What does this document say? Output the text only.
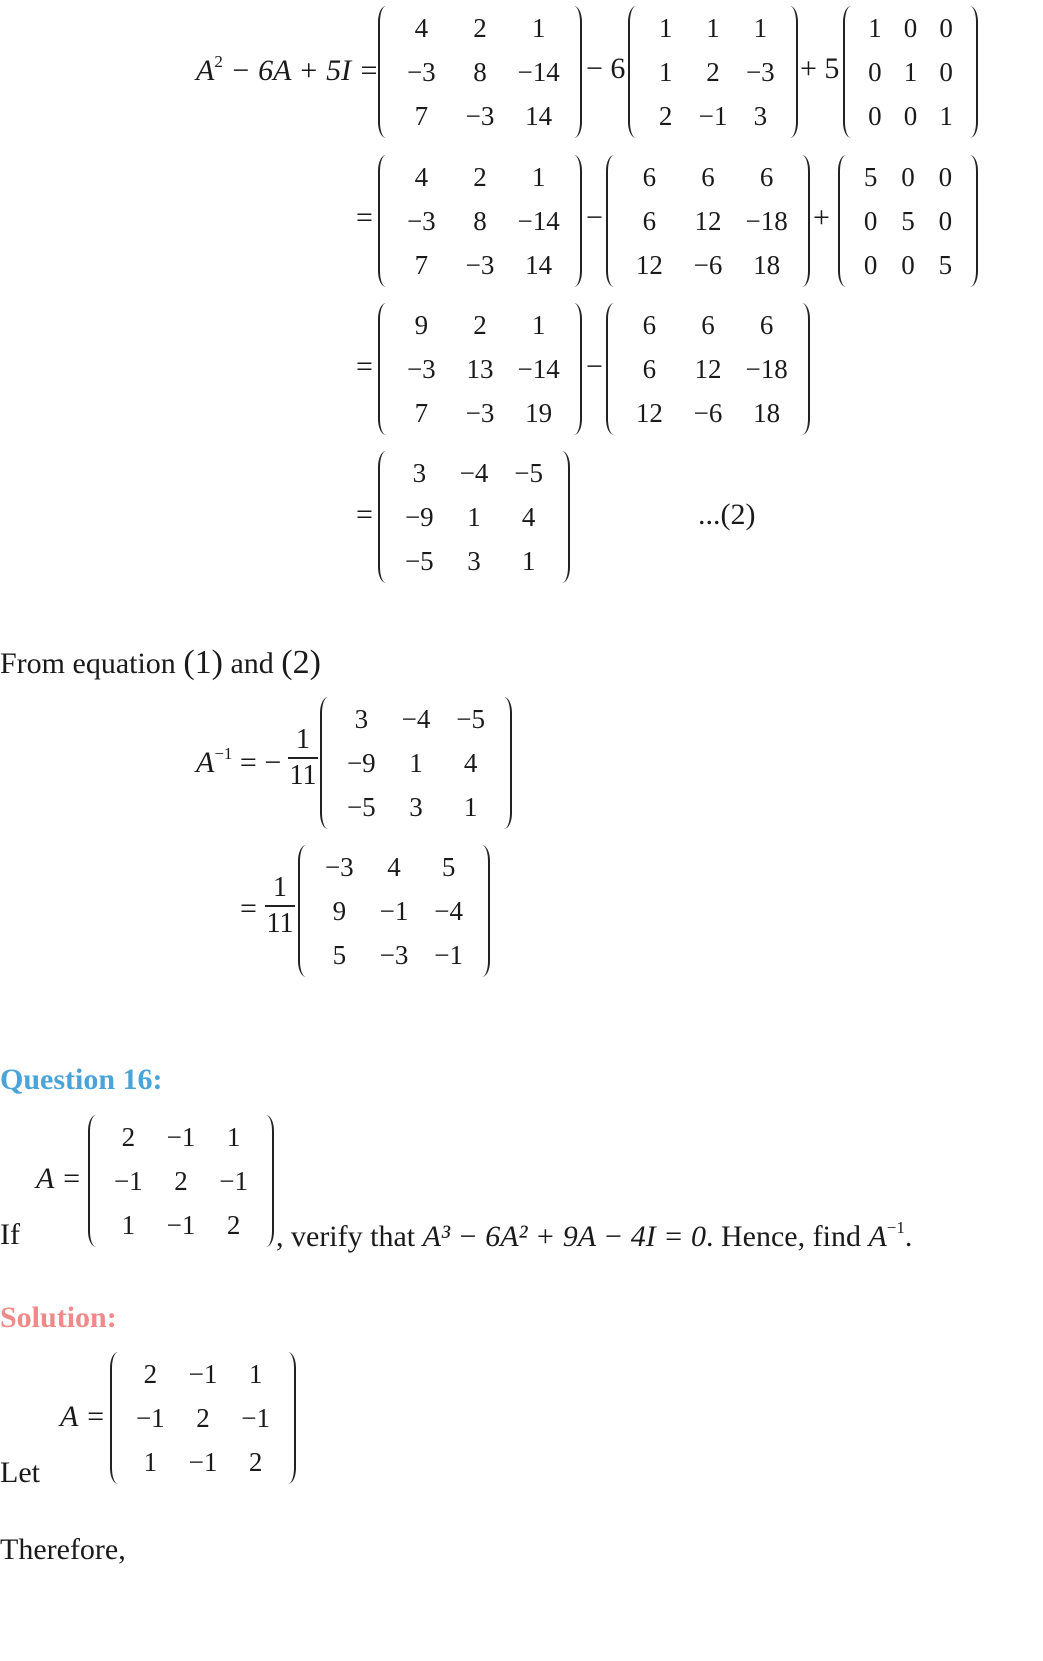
$A^2 - 6A + 5I$ =
4	2	1
−3	8	−14
7	−3	14
− 6
1	1	1
1	2 −3
2 −1 3
+ 5
1 0 0
0 1 0
0 0 1
=
4	2	1
−3	8	−14
7	−3	14
−
6	6	6
6	12 −18
12	−6	18
+
5 0 0
0 5 0
0 0 5
=
9	2	1
−3	13 −14
7	−3	19
−
6	6	6
6	12 −18
12	−6	18
=
3	−4 −5
−9	1	4
−5	3	1
...(2)
From equation (1) and (2)
$A^{-1}$ = −
1
11
3	−4 −5
−9	1	4
−5	3	1
=
1
11
−3	4	5
9	−1 −4
5	−3 −1
Question 16:
A =
2	−1	1
−1	2	−1
1	−1	2
If	, verify that A³ − 6A² + 9A − 4I = 0. Hence, find $A^{-1}$.
Solution:
A =
2	−1	1
−1	2	−1
1	−1	2
Let
Therefore,
